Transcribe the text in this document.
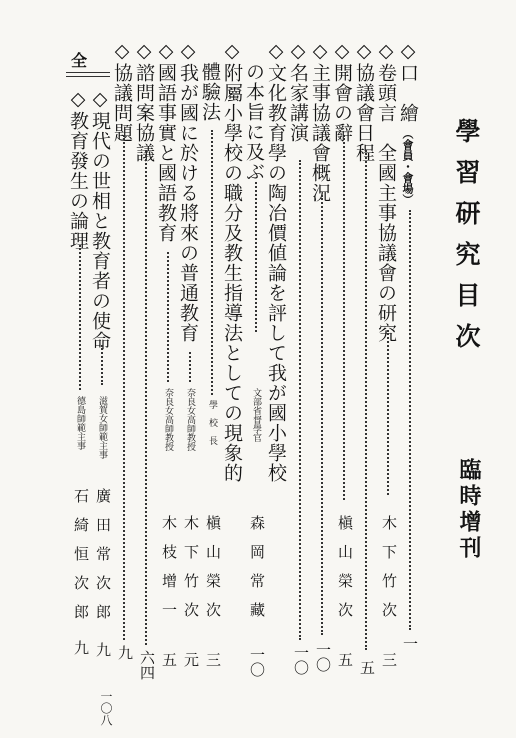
學習研究目次
臨時增刊
◇口　繪
（會員・會場）
一
◇卷頭言　全國主事協議會の研究
木下竹次
三
◇協議會日程
五
◇開會の辭
槇山榮次
五
◇主事協議會概況
一〇
◇名家講演
一〇
◇文化教育學の陶冶價値論を評して我が國小學校
の本旨に及ぶ
文部省督學官
森岡常藏
一〇
◇附屬小學校の職分及教生指導法としての現象的
體驗法
學　校　長
槇山榮次
三
◇我が國に於ける將來の普通教育
奈良女高師教授
木下竹次
元
◇國語事實と國語教育
奈良女高師教授
木枝增一
五
◇諮問案協議
六四
◇協議問題
九
◇現代の世相と教育者の使命
滋賀女師範主事
廣田常次郎
九
◇教育發生の論理
德島師範主事
石綺恒次郎
九
全
一〇八
